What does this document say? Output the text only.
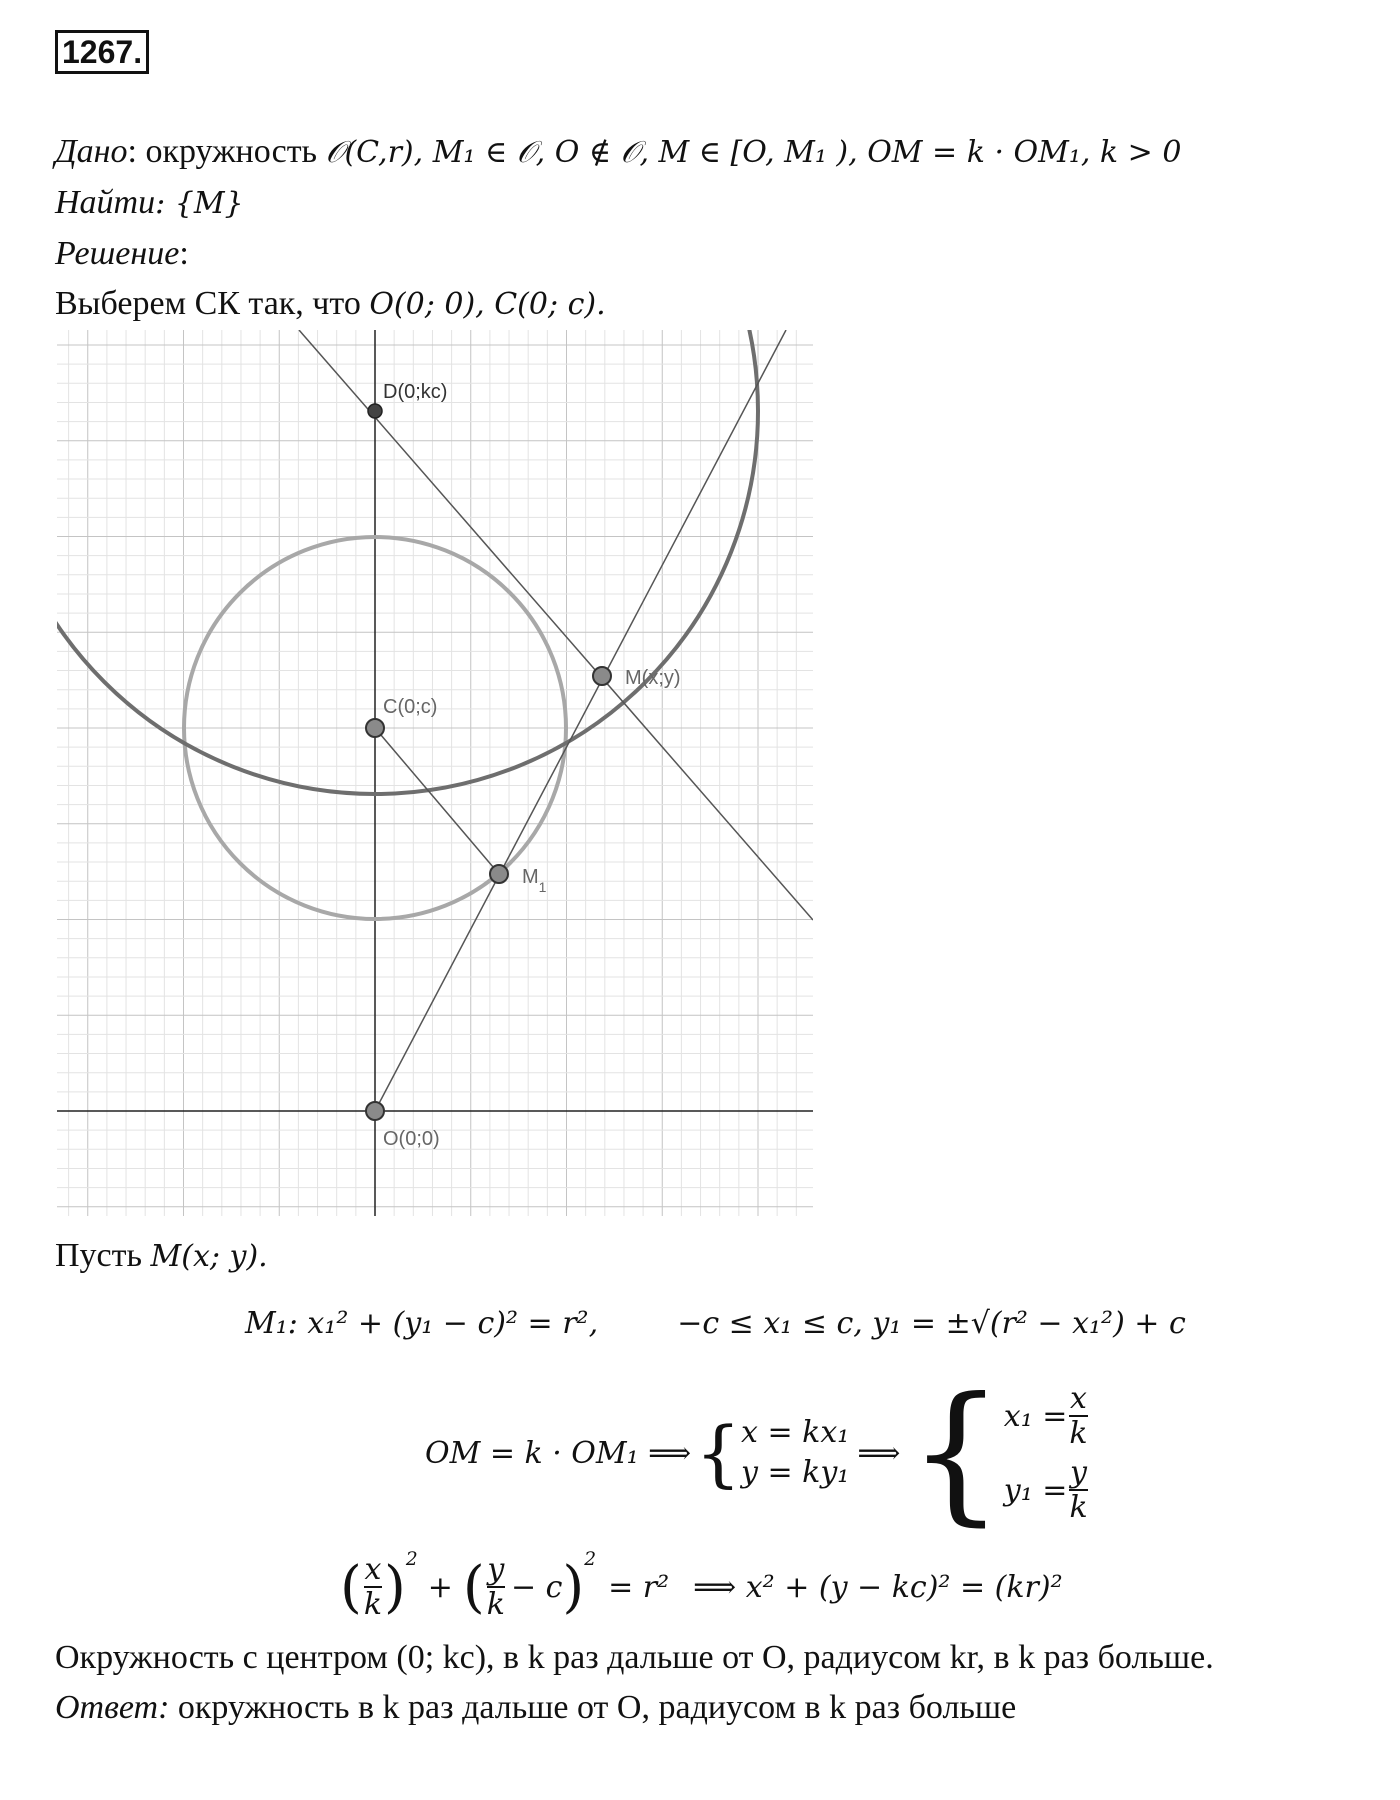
1267.
Дано: окружность 𝒪(C,r), M₁ ∈ 𝒪, O ∉ 𝒪, M ∈ [O, M₁ ), OM = k · OM₁, k > 0
Найти: {M}
Решение:
Выберем СК так, что O(0; 0), C(0; c).
D(0;kc)
C(0;c)
M(x;y)
$M_1$
O(0;0)
Пусть M(x; y).
M₁: x₁² + (y₁ − c)² = r²,	−c ≤ x₁ ≤ c, y₁ = ±√(r² − x₁²) + c
OM = k · OM₁ ⟹ { x = kx₁
y = ky₁
⟹ { $x_1 = \frac{x}{k}$
$y_1 = \frac{y}{k}$
( $\frac{x}{k} )^2$
+ ( $\frac{y}{k} - c$ )$^2$
= r² ⟹ x² + (y − kc)² = (kr)²
Окружность с центром (0; kc), в k раз дальше от O, радиусом kr, в k раз больше.
Ответ: окружность в k раз дальше от O, радиусом в k раз больше
